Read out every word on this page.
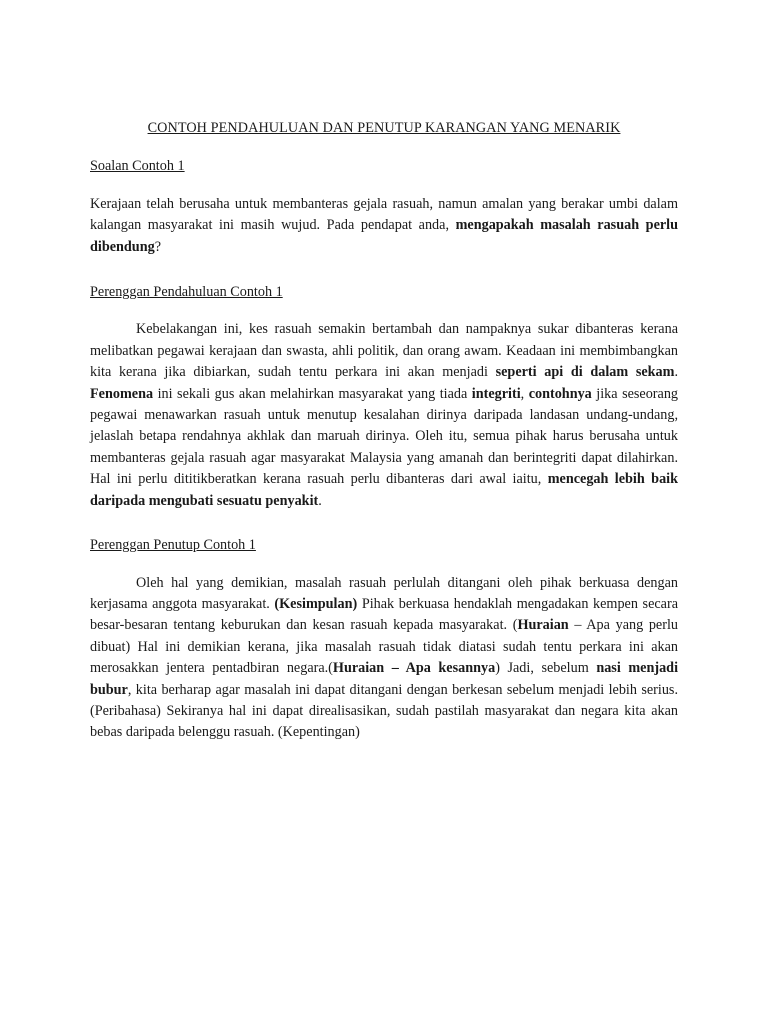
CONTOH PENDAHULUAN DAN PENUTUP KARANGAN YANG MENARIK
Soalan Contoh 1

Kerajaan telah berusaha untuk membanteras gejala rasuah, namun amalan yang berakar umbi dalam kalangan masyarakat ini masih wujud. Pada pendapat anda, mengapakah masalah rasuah perlu dibendung?

Perenggan Pendahuluan Contoh 1

Kebelakangan ini, kes rasuah semakin bertambah dan nampaknya sukar dibanteras kerana melibatkan pegawai kerajaan dan swasta, ahli politik, dan orang awam. Keadaan ini membimbangkan kita kerana jika dibiarkan, sudah tentu perkara ini akan menjadi seperti api di dalam sekam. Fenomena ini sekali gus akan melahirkan masyarakat yang tiada integriti, contohnya jika seseorang pegawai menawarkan rasuah untuk menutup kesalahan dirinya daripada landasan undang-undang, jelaslah betapa rendahnya akhlak dan maruah dirinya. Oleh itu, semua pihak harus berusaha untuk membanteras gejala rasuah agar masyarakat Malaysia yang amanah dan berintegriti dapat dilahirkan. Hal ini perlu dititikberatkan kerana rasuah perlu dibanteras dari awal iaitu, mencegah lebih baik daripada mengubati sesuatu penyakit.

Perenggan Penutup Contoh 1

Oleh hal yang demikian, masalah rasuah perlulah ditangani oleh pihak berkuasa dengan kerjasama anggota masyarakat. (Kesimpulan) Pihak berkuasa hendaklah mengadakan kempen secara besar-besaran tentang keburukan dan kesan rasuah kepada masyarakat. (Huraian – Apa yang perlu dibuat) Hal ini demikian kerana, jika masalah rasuah tidak diatasi sudah tentu perkara ini akan merosakkan jentera pentadbiran negara.(Huraian – Apa kesannya) Jadi, sebelum nasi menjadi bubur, kita berharap agar masalah ini dapat ditangani dengan berkesan sebelum menjadi lebih serius. (Peribahasa) Sekiranya hal ini dapat direalisasikan, sudah pastilah masyarakat dan negara kita akan bebas daripada belenggu rasuah. (Kepentingan)
